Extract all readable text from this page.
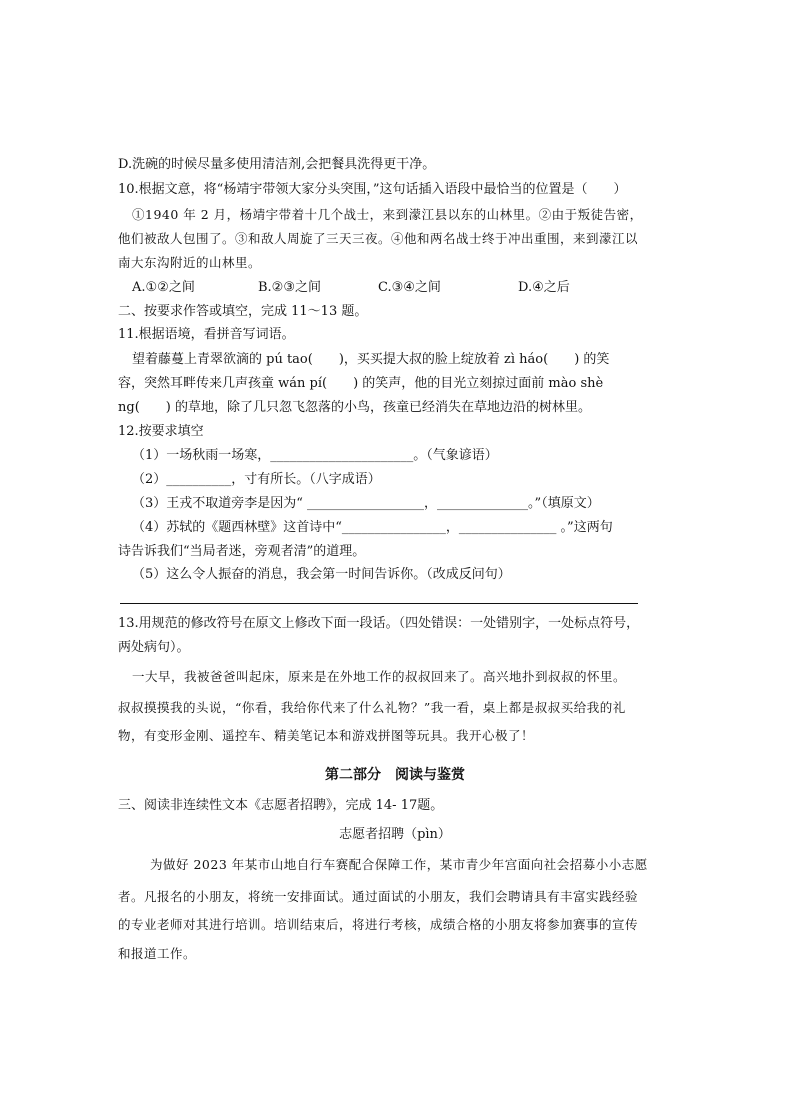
D.洗碗的时候尽量多使用清洁剂,会把餐具洗得更干净。
10.根据文意，将“杨靖宇带领大家分头突围，”这句话插入语段中最恰当的位置是（　　）
①1940 年 2 月，杨靖宇带着十几个战士，来到濛江县以东的山林里。②由于叛徒告密，
他们被敌人包围了。③和敌人周旋了三天三夜。④他和两名战士终于冲出重围，来到濛江以
南大东沟附近的山林里。
A.①②之间	B.②③之间	C.③④之间	D.④之后
二、按要求作答或填空，完成 11～13 题。
11.根据语境，看拼音写词语。
望着藤蔓上青翠欲滴的 pú tao(　　)，买买提大叔的脸上绽放着 zì háo(　　) 的笑
容，突然耳畔传来几声孩童 wán pí(　　) 的笑声，他的目光立刻掠过面前 mào shè
ng(　　) 的草地，除了几只忽飞忽落的小鸟，孩童已经消失在草地边沿的树林里。
12.按要求填空
（1）一场秋雨一场寒，______________________。（气象谚语）
（2）__________，寸有所长。（八字成语）
（3）王戎不取道旁李是因为“ __________________，______________。”（填原文）
（4）苏轼的《题西林壁》这首诗中“________________，_______________ 。”这两句
诗告诉我们“当局者迷，旁观者清”的道理。
（5）这么令人振奋的消息，我会第一时间告诉你。（改成反问句）
13.用规范的修改符号在原文上修改下面一段话。（四处错误：一处错别字，一处标点符号，
两处病句）。
一大早，我被爸爸叫起床，原来是在外地工作的叔叔回来了。高兴地扑到叔叔的怀里。
叔叔摸摸我的头说，“你看，我给你代来了什么礼物？”我一看，桌上都是叔叔买给我的礼
物，有变形金刚、遥控车、精美笔记本和游戏拼图等玩具。我开心极了！
第二部分　阅读与鉴赏
三、阅读非连续性文本《志愿者招聘》，完成 14- 17题。
志愿者招聘（pìn）
为做好 2023 年某市山地自行车赛配合保障工作，某市青少年宫面向社会招募小小志愿
者。凡报名的小朋友，将统一安排面试。通过面试的小朋友，我们会聘请具有丰富实践经验
的专业老师对其进行培训。培训结束后，将进行考核，成绩合格的小朋友将参加赛事的宣传
和报道工作。
